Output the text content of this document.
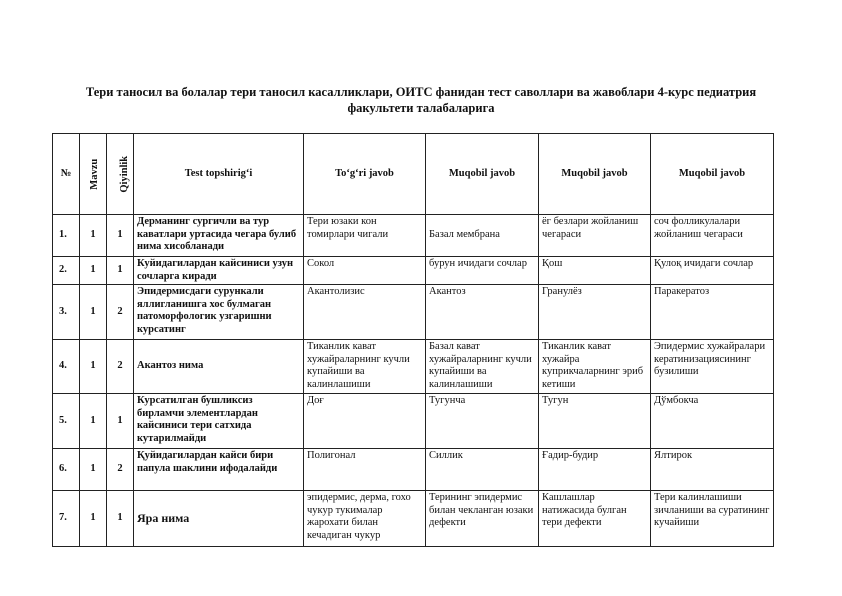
Тери таносил ва болалар тери таносил касалликлари, ОИТС фанидан тест саволлари ва жавоблари 4-курс педиатрия факультети талабаларига
№	Mavzu	Qiyinlik	Test topshirig‘i	To‘g‘ri javob	Muqobil javob	Muqobil javob	Muqobil javob
1.	1	1	Дерманинг сургичли ва тур каватлари уртасида чегара булиб нима хисобланади	Тери юзаки кон томирлари чигали	Базал мембрана	ёг безлари жойланиш чегараси	соч фолликулалари жойланиш чегараси
2.	1	1	Куйидагилардан кайсиниси узун сочларга киради	Сокол	бурун ичидаги сочлар	Қош	Қулоқ ичидаги сочлар
3.	1	2	Эпидермисдаги сурункали яллигланишга хос булмаган патоморфологик узгаришни курсатинг	Акантолизис	Акантоз	Гранулёз	Паракератоз
4.	1	2	Акантоз нима	Тиканлик кават хужайраларнинг кучли купайиши ва калинлашиши	Базал кават хужайраларнинг кучли купайиши ва калинлашиши	Тиканлик кават хужайра куприкчаларнинг эриб кетиши	Эпидермис хужайралари кератинизациясининг бузилиши
5.	1	1	Курсатилган бушликсиз бирламчи элементлардан кайсиниси тери сатхида кутарилмайди	Доғ	Тугунча	Тугун	Дўмбокча
6.	1	2	Қуйидагилардан кайси бири папула шаклини ифодалайди	Полигонал	Силлик	Ғадир-будир	Ялтирок
7.	1	1	Яра нима	эпидермис, дерма, гохо чукур тукималар жарохати билан кечадиган чукур	Терининг эпидермис билан чекланган юзаки дефекти	Кашлашлар натижасида булган тери дефекти	Тери калинлашиши зичланиши ва суратининг кучайиши
